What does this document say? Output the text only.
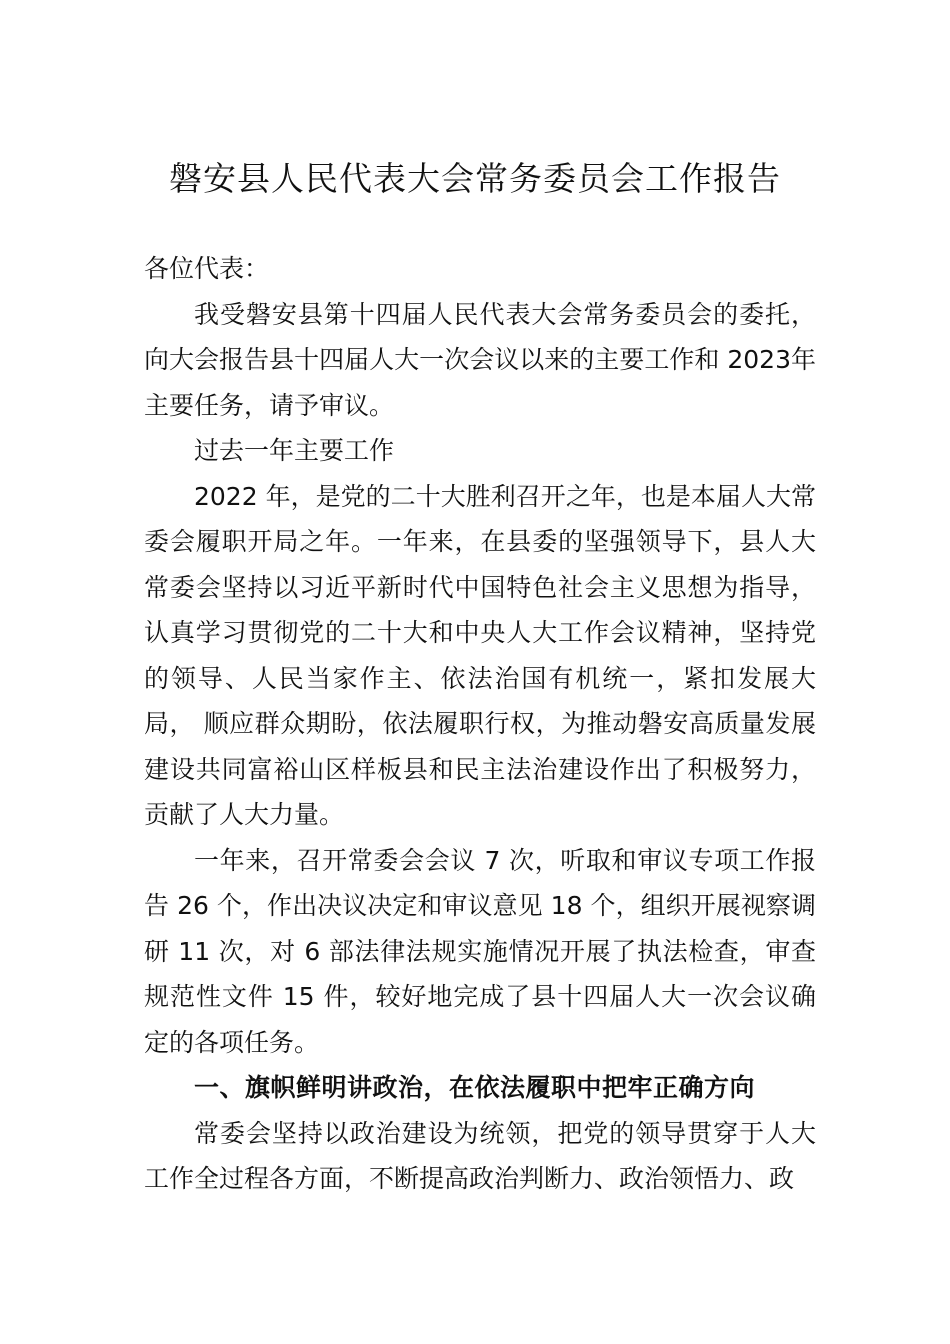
磐安县人民代表大会常务委员会工作报告

各位代表：

我受磐安县第十四届人民代表大会常务委员会的委托，向大会报告县十四届人大一次会议以来的主要工作和 2023年主要任务，请予审议。

过去一年主要工作

2022 年，是党的二十大胜利召开之年，也是本届人大常委会履职开局之年。一年来，在县委的坚强领导下，县人大常委会坚持以习近平新时代中国特色社会主义思想为指导， 认真学习贯彻党的二十大和中央人大工作会议精神，坚持党的领导、人民当家作主、依法治国有机统一，紧扣发展大局， 顺应群众期盼，依法履职行权，为推动磐安高质量发展建设共同富裕山区样板县和民主法治建设作出了积极努力，贡献了人大力量。

一年来，召开常委会会议 7 次，听取和审议专项工作报告 26 个，作出决议决定和审议意见 18 个，组织开展视察调研 11 次，对 6 部法律法规实施情况开展了执法检查，审查规范性文件 15 件，较好地完成了县十四届人大一次会议确定的各项任务。

一、旗帜鲜明讲政治，在依法履职中把牢正确方向

常委会坚持以政治建设为统领，把党的领导贯穿于人大工作全过程各方面，不断提高政治判断力、政治领悟力、政
